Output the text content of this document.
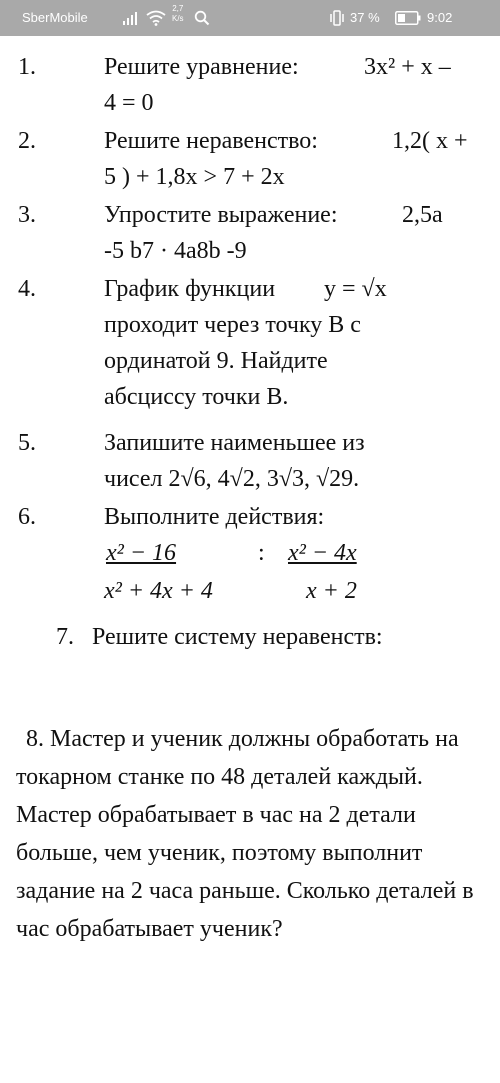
SberMobile
2,7
K/s	37 %	9:02
1.	Решите уравнение:	3x² + x –
4 = 0
2.	Решите неравенство:	1,2( x +
5 ) + 1,8x > 7 + 2x
3.	Упростите выражение:	2,5a
-5 b7 · 4a8b -9
4.	График функции y = √x
проходит через точку B с
ординатой 9. Найдите
абсциссу точки B.
5.	Запишите наименьшее из
чисел 2√6, 4√2, 3√3, √29.
6.	Выполните действия:
x² − 16	: x² − 4x
x² + 4x + 4	x + 2
7. Решите систему неравенств:
8. Мастер и ученик должны обработать на токарном станке по 48 деталей каждый. Мастер обрабатывает в час на 2 детали больше, чем ученик, поэтому выполнит задание на 2 часа раньше. Сколько деталей в час обрабатывает ученик?
